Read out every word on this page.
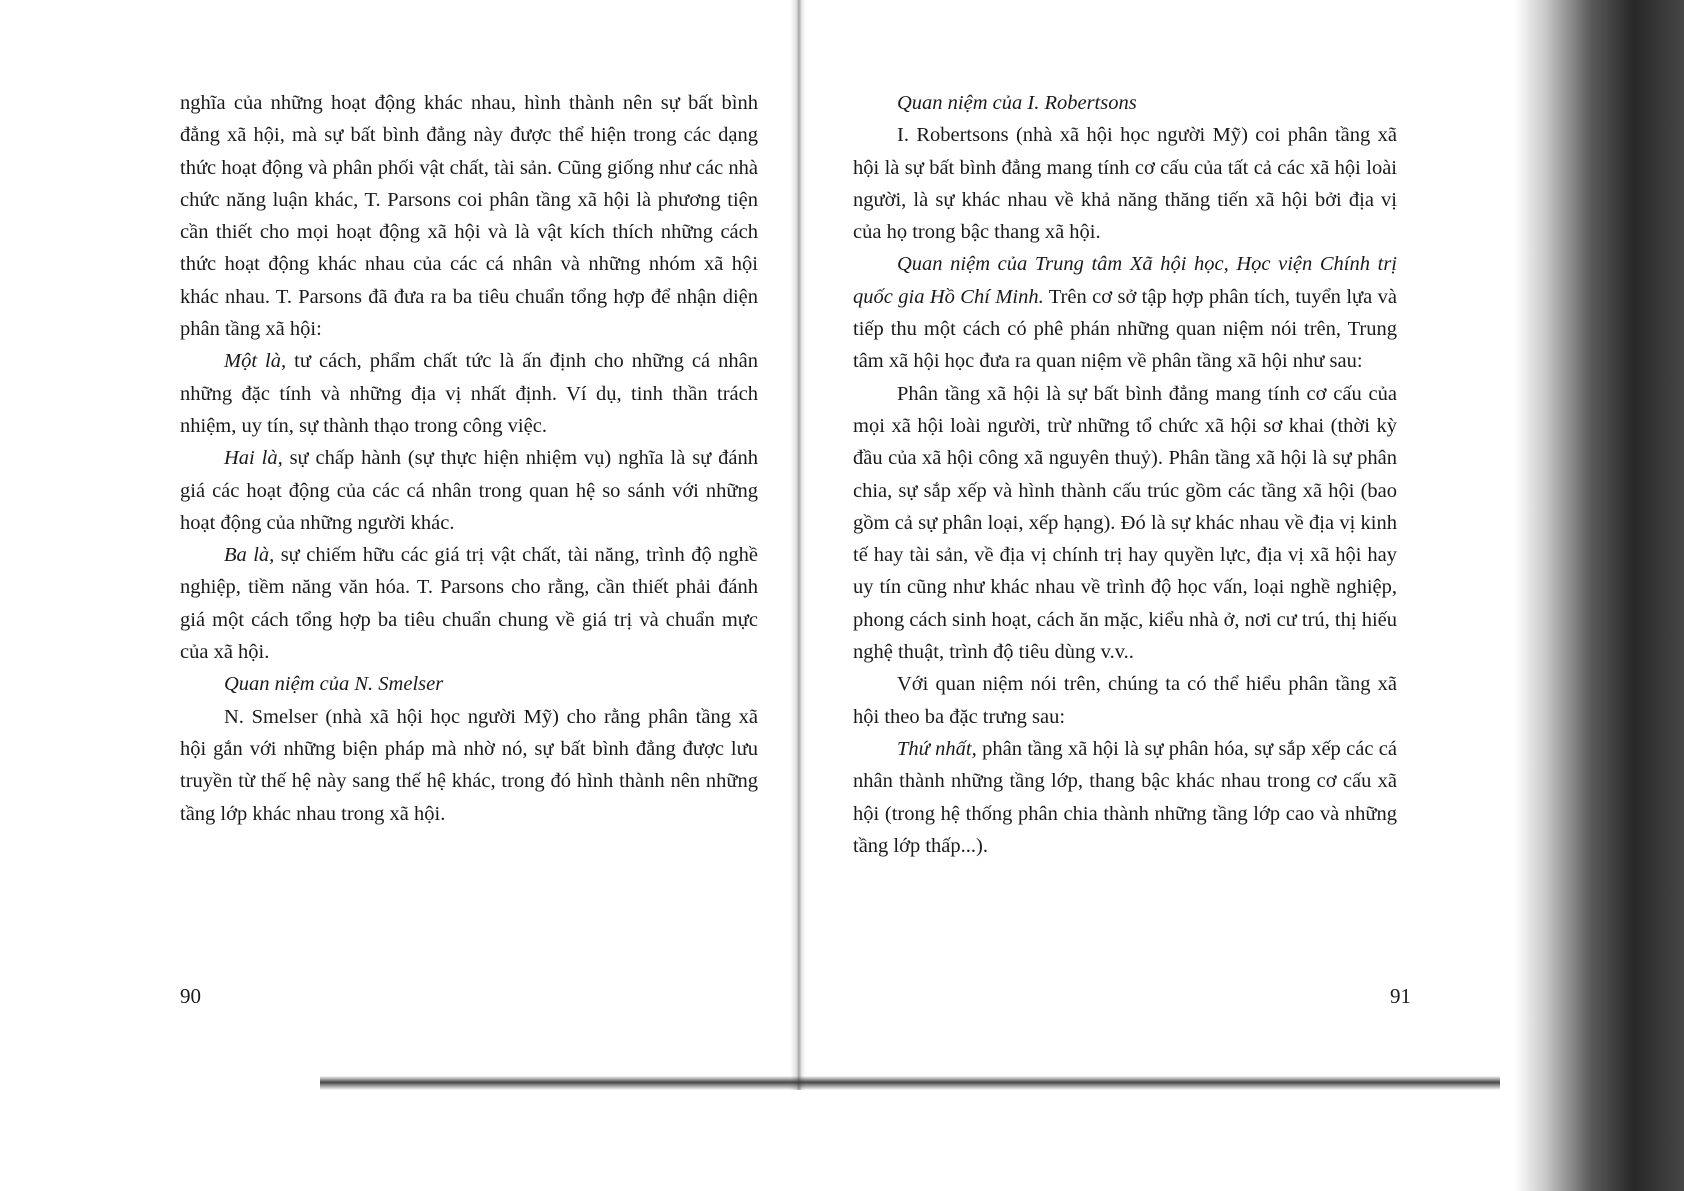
nghĩa của những hoạt động khác nhau, hình thành nên sự bất bình đẳng xã hội, mà sự bất bình đẳng này được thể hiện trong các dạng thức hoạt động và phân phối vật chất, tài sản. Cũng giống như các nhà chức năng luận khác, T. Parsons coi phân tầng xã hội là phương tiện cần thiết cho mọi hoạt động xã hội và là vật kích thích những cách thức hoạt động khác nhau của các cá nhân và những nhóm xã hội khác nhau. T. Parsons đã đưa ra ba tiêu chuẩn tổng hợp để nhận diện phân tầng xã hội:

Một là, tư cách, phẩm chất tức là ấn định cho những cá nhân những đặc tính và những địa vị nhất định. Ví dụ, tinh thần trách nhiệm, uy tín, sự thành thạo trong công việc.

Hai là, sự chấp hành (sự thực hiện nhiệm vụ) nghĩa là sự đánh giá các hoạt động của các cá nhân trong quan hệ so sánh với những hoạt động của những người khác.

Ba là, sự chiếm hữu các giá trị vật chất, tài năng, trình độ nghề nghiệp, tiềm năng văn hóa. T. Parsons cho rằng, cần thiết phải đánh giá một cách tổng hợp ba tiêu chuẩn chung về giá trị và chuẩn mực của xã hội.

Quan niệm của N. Smelser

N. Smelser (nhà xã hội học người Mỹ) cho rằng phân tầng xã hội gắn với những biện pháp mà nhờ nó, sự bất bình đẳng được lưu truyền từ thế hệ này sang thế hệ khác, trong đó hình thành nên những tầng lớp khác nhau trong xã hội.

90

Quan niệm của I. Robertsons

I. Robertsons (nhà xã hội học người Mỹ) coi phân tầng xã hội là sự bất bình đẳng mang tính cơ cấu của tất cả các xã hội loài người, là sự khác nhau về khả năng thăng tiến xã hội bởi địa vị của họ trong bậc thang xã hội.

Quan niệm của Trung tâm Xã hội học, Học viện Chính trị quốc gia Hồ Chí Minh. Trên cơ sở tập hợp phân tích, tuyển lựa và tiếp thu một cách có phê phán những quan niệm nói trên, Trung tâm xã hội học đưa ra quan niệm về phân tầng xã hội như sau:

Phân tầng xã hội là sự bất bình đẳng mang tính cơ cấu của mọi xã hội loài người, trừ những tổ chức xã hội sơ khai (thời kỳ đầu của xã hội công xã nguyên thuỷ). Phân tầng xã hội là sự phân chia, sự sắp xếp và hình thành cấu trúc gồm các tầng xã hội (bao gồm cả sự phân loại, xếp hạng). Đó là sự khác nhau về địa vị kinh tế hay tài sản, về địa vị chính trị hay quyền lực, địa vị xã hội hay uy tín cũng như khác nhau về trình độ học vấn, loại nghề nghiệp, phong cách sinh hoạt, cách ăn mặc, kiểu nhà ở, nơi cư trú, thị hiếu nghệ thuật, trình độ tiêu dùng v.v..

Với quan niệm nói trên, chúng ta có thể hiểu phân tầng xã hội theo ba đặc trưng sau:

Thứ nhất, phân tầng xã hội là sự phân hóa, sự sắp xếp các cá nhân thành những tầng lớp, thang bậc khác nhau trong cơ cấu xã hội (trong hệ thống phân chia thành những tầng lớp cao và những tầng lớp thấp...).

91
